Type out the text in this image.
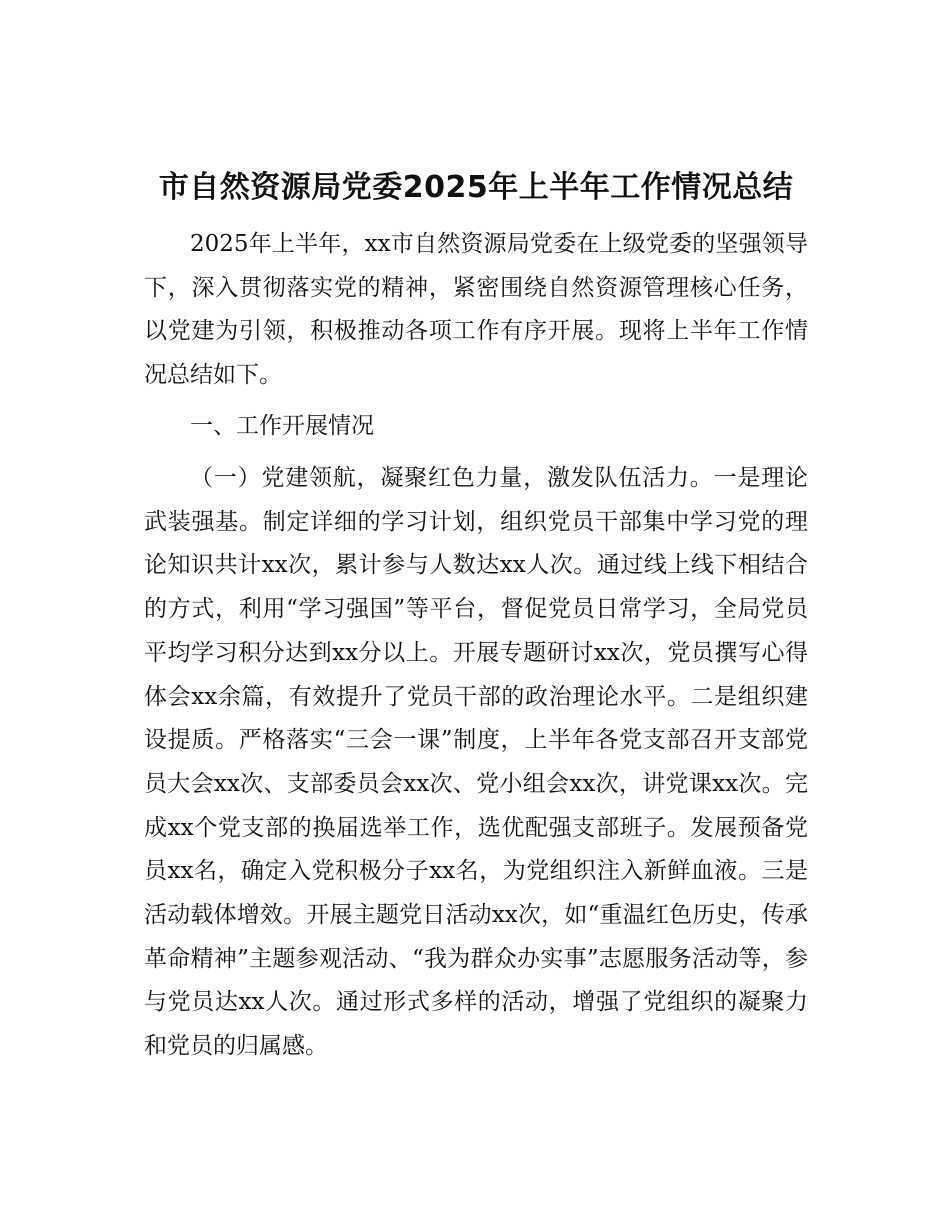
市自然资源局党委2025年上半年工作情况总结

2025年上半年，xx市自然资源局党委在上级党委的坚强领导下，深入贯彻落实党的精神，紧密围绕自然资源管理核心任务，以党建为引领，积极推动各项工作有序开展。现将上半年工作情况总结如下。

一、工作开展情况

（一）党建领航，凝聚红色力量，激发队伍活力。一是理论武装强基。制定详细的学习计划，组织党员干部集中学习党的理论知识共计xx次，累计参与人数达xx人次。通过线上线下相结合的方式，利用“学习强国”等平台，督促党员日常学习，全局党员平均学习积分达到xx分以上。开展专题研讨xx次，党员撰写心得体会xx余篇，有效提升了党员干部的政治理论水平。二是组织建设提质。严格落实“三会一课”制度，上半年各党支部召开支部党员大会xx次、支部委员会xx次、党小组会xx次，讲党课xx次。完成xx个党支部的换届选举工作，选优配强支部班子。发展预备党员xx名，确定入党积极分子xx名，为党组织注入新鲜血液。三是活动载体增效。开展主题党日活动xx次，如“重温红色历史，传承革命精神”主题参观活动、“我为群众办实事”志愿服务活动等，参与党员达xx人次。通过形式多样的活动，增强了党组织的凝聚力和党员的归属感。
